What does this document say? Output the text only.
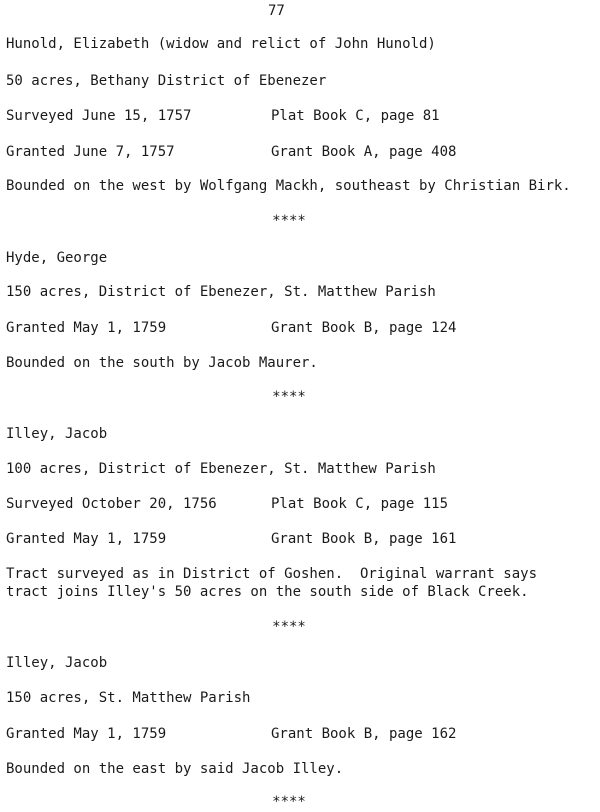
77
Hunold, Elizabeth (widow and relict of John Hunold)
50 acres, Bethany District of Ebenezer
Surveyed June 15, 1757	Plat Book C, page 81
Granted June 7, 1757	Grant Book A, page 408
Bounded on the west by Wolfgang Mackh, southeast by Christian Birk.
****
Hyde, George
150 acres, District of Ebenezer, St. Matthew Parish
Granted May 1, 1759	Grant Book B, page 124
Bounded on the south by Jacob Maurer.
****
Illey, Jacob
100 acres, District of Ebenezer, St. Matthew Parish
Surveyed October 20, 1756	Plat Book C, page 115
Granted May 1, 1759	Grant Book B, page 161
Tract surveyed as in District of Goshen.  Original warrant says
tract joins Illey's 50 acres on the south side of Black Creek.
****
Illey, Jacob
150 acres, St. Matthew Parish
Granted May 1, 1759	Grant Book B, page 162
Bounded on the east by said Jacob Illey.
****
